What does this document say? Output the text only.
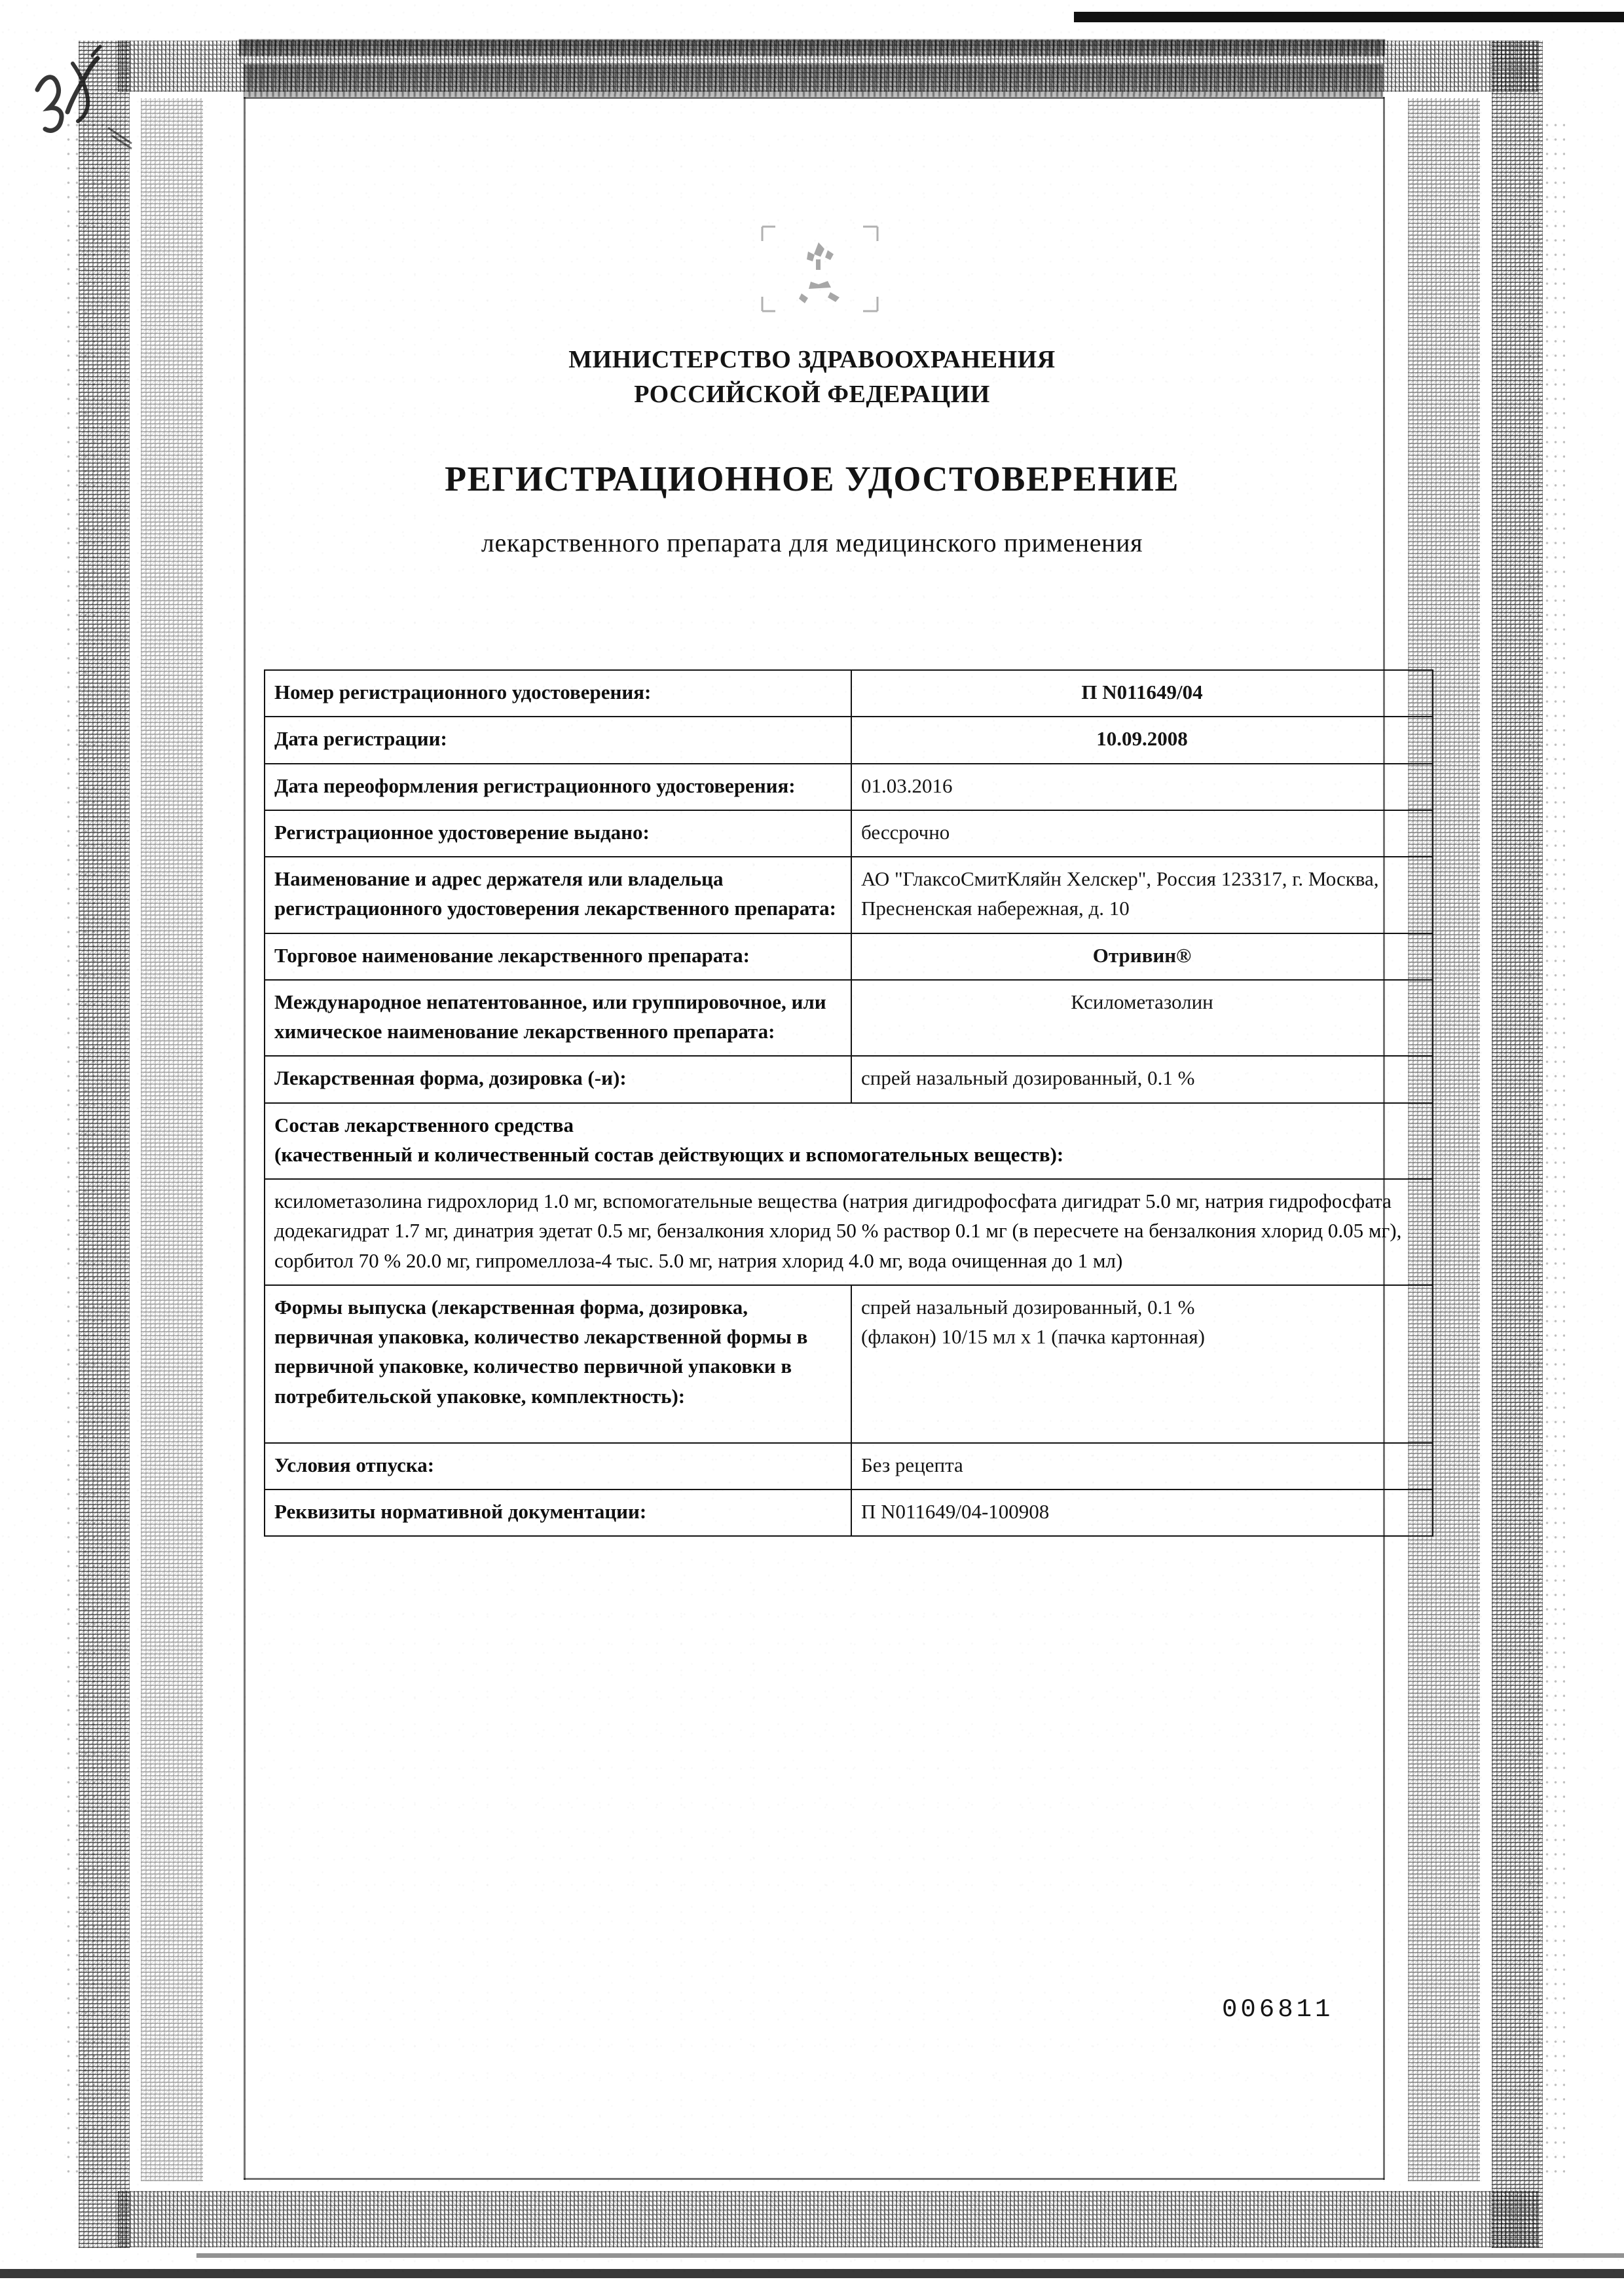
МИНИСТЕРСТВО ЗДРАВООХРАНЕНИЯ
РОССИЙСКОЙ ФЕДЕРАЦИИ
РЕГИСТРАЦИОННОЕ УДОСТОВЕРЕНИЕ
лекарственного препарата для медицинского применения
Номер регистрационного удостоверения:	П N011649/04
Дата регистрации:	10.09.2008
Дата переоформления регистрационного удостоверения:	01.03.2016
Регистрационное удостоверение выдано:	бессрочно
Наименование и адрес держателя или владельца регистрационного удостоверения лекарственного препарата:	АО "ГлаксоСмитКляйн Хелскер", Россия 123317, г. Москва, Пресненская набережная, д. 10
Торговое наименование лекарственного препарата:	Отривин®
Международное непатентованное, или группировочное, или химическое наименование лекарственного препарата:	Ксилометазолин
Лекарственная форма, дозировка (-и):	спрей назальный дозированный, 0.1 %

Состав лекарственного средства
(качественный и количественный состав действующих и вспомогательных веществ):	

ксилометазолина гидрохлорид 1.0 мг, вспомогательные вещества (натрия дигидрофосфата дигидрат 5.0 мг, натрия гидрофосфата додекагидрат 1.7 мг, динатрия эдетат 0.5 мг, бензалкония хлорид 50 % раствор 0.1 мг (в пересчете на бензалкония хлорид 0.05 мг), сорбитол 70 % 20.0 мг, гипромеллоза-4 тыс. 5.0 мг, натрия хлорид 4.0 мг, вода очищенная до 1 мл)	
Формы выпуска (лекарственная форма, дозировка, первичная упаковка, количество лекарственной формы в первичной упаковке, количество первичной упаковки в потребительской упаковке, комплектность):	спрей назальный дозированный, 0.1 %
(флакон) 10/15 мл x 1 (пачка картонная)

Условия отпуска:	Без рецепта
Реквизиты нормативной документации:	П N011649/04-100908
006811
